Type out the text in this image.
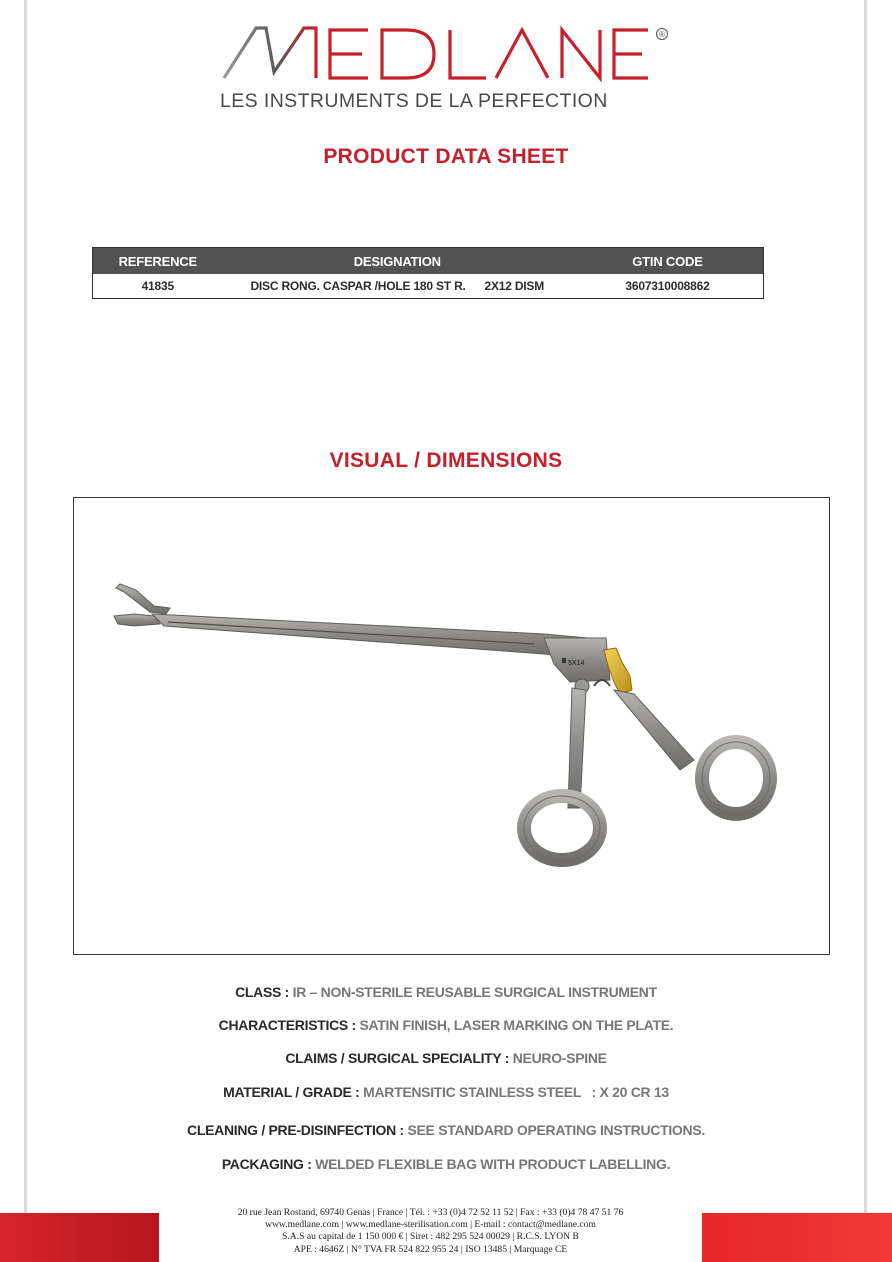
®
LES INSTRUMENTS DE LA PERFECTION
PRODUCT DATA SHEET
REFERENCE	DESIGNATION	GTIN CODE
41835	DISC RONG. CASPAR /HOLE 180 ST R.      2X12 DISM	3607310008862
VISUAL / DIMENSIONS
5X14
CLASS : IR – NON-STERILE REUSABLE SURGICAL INSTRUMENT
CHARACTERISTICS : SATIN FINISH, LASER MARKING ON THE PLATE.
CLAIMS / SURGICAL SPECIALITY : NEURO-SPINE
MATERIAL / GRADE : MARTENSITIC STAINLESS STEEL   : X 20 CR 13
CLEANING / PRE-DISINFECTION : SEE STANDARD OPERATING INSTRUCTIONS.
PACKAGING : WELDED FLEXIBLE BAG WITH PRODUCT LABELLING.
20 rue Jean Rostand, 69740 Genas | France | Tél. : +33 (0)4 72 52 11 52 | Fax : +33 (0)4 78 47 51 76
www.medlane.com | www.medlane-sterilisation.com | E-mail : contact@medlane.com
S.A.S au capital de 1 150 000 € | Siret : 482 295 524 00029 | R.C.S. LYON B
APE : 4646Z | N° TVA FR 524 822 955 24 | ISO 13485 | Marquage CE
